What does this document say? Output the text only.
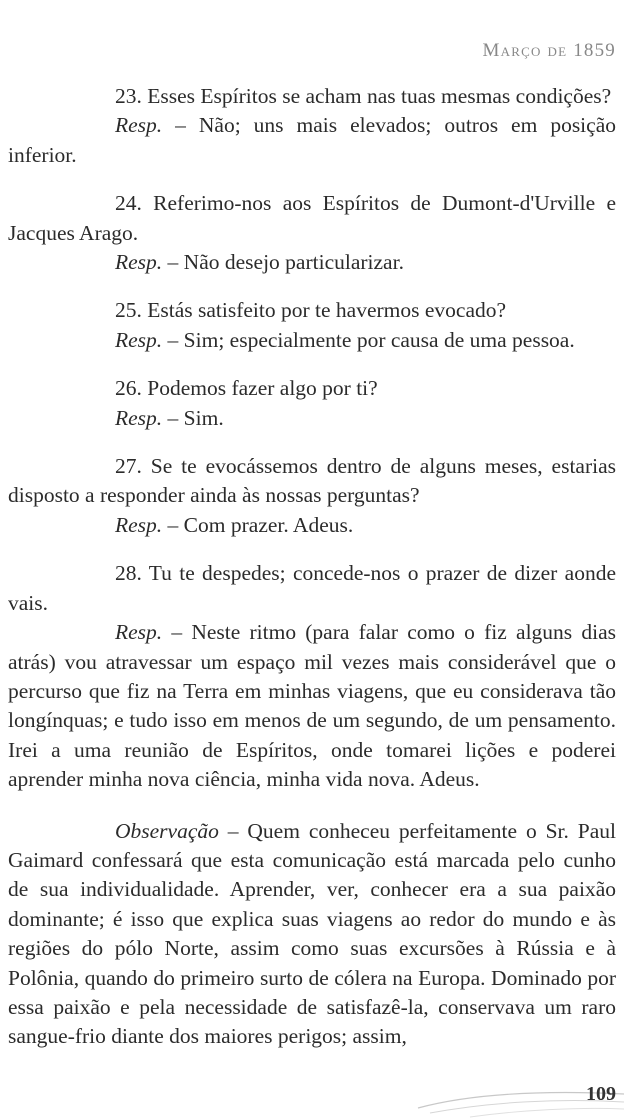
Março de 1859

23. Esses Espíritos se acham nas tuas mesmas condições?

Resp. – Não; uns mais elevados; outros em posição inferior.

24. Referimo-nos aos Espíritos de Dumont-d'Urville e Jacques Arago.

Resp. – Não desejo particularizar.

25. Estás satisfeito por te havermos evocado?

Resp. – Sim; especialmente por causa de uma pessoa.

26. Podemos fazer algo por ti?

Resp. – Sim.

27. Se te evocássemos dentro de alguns meses, estarias disposto a responder ainda às nossas perguntas?

Resp. – Com prazer. Adeus.

28. Tu te despedes; concede-nos o prazer de dizer aonde vais.

Resp. – Neste ritmo (para falar como o fiz alguns dias atrás) vou atravessar um espaço mil vezes mais considerável que o percurso que fiz na Terra em minhas viagens, que eu considerava tão longínquas; e tudo isso em menos de um segundo, de um pensamento. Irei a uma reunião de Espíritos, onde tomarei lições e poderei aprender minha nova ciência, minha vida nova. Adeus.

Observação – Quem conheceu perfeitamente o Sr. Paul Gaimard confessará que esta comunicação está marcada pelo cunho de sua individualidade. Aprender, ver, conhecer era a sua paixão dominante; é isso que explica suas viagens ao redor do mundo e às regiões do pólo Norte, assim como suas excursões à Rússia e à Polônia, quando do primeiro surto de cólera na Europa. Dominado por essa paixão e pela necessidade de satisfazê-la, conservava um raro sangue-frio diante dos maiores perigos; assim,

109
